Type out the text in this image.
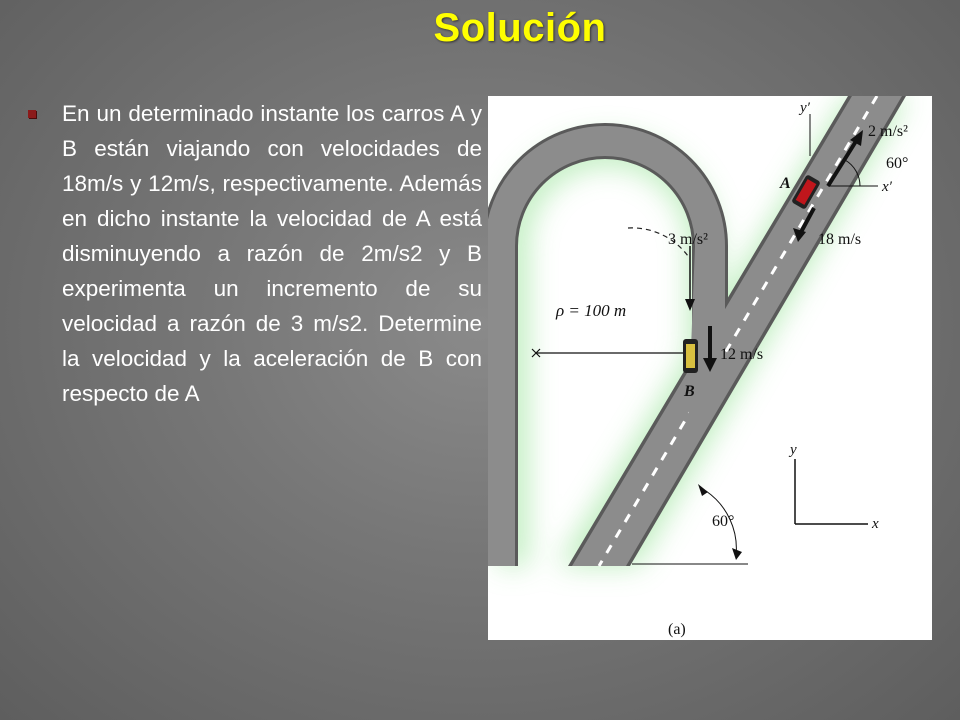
Solución
En un determinado instante los carros A y B están viajando con velocidades de 18m/s y 12m/s, respectivamente. Además en dicho instante la velocidad de A está disminuyendo a razón de 2m/s2 y B experimenta un incremento de su velocidad a razón de 3 m/s2. Determine la velocidad y la aceleración de B con respecto de A
ρ = 100 m
B
3 m/s²
12 m/s
A
y′
x′
2 m/s²
60°
18 m/s
60°
y
x
(a)
